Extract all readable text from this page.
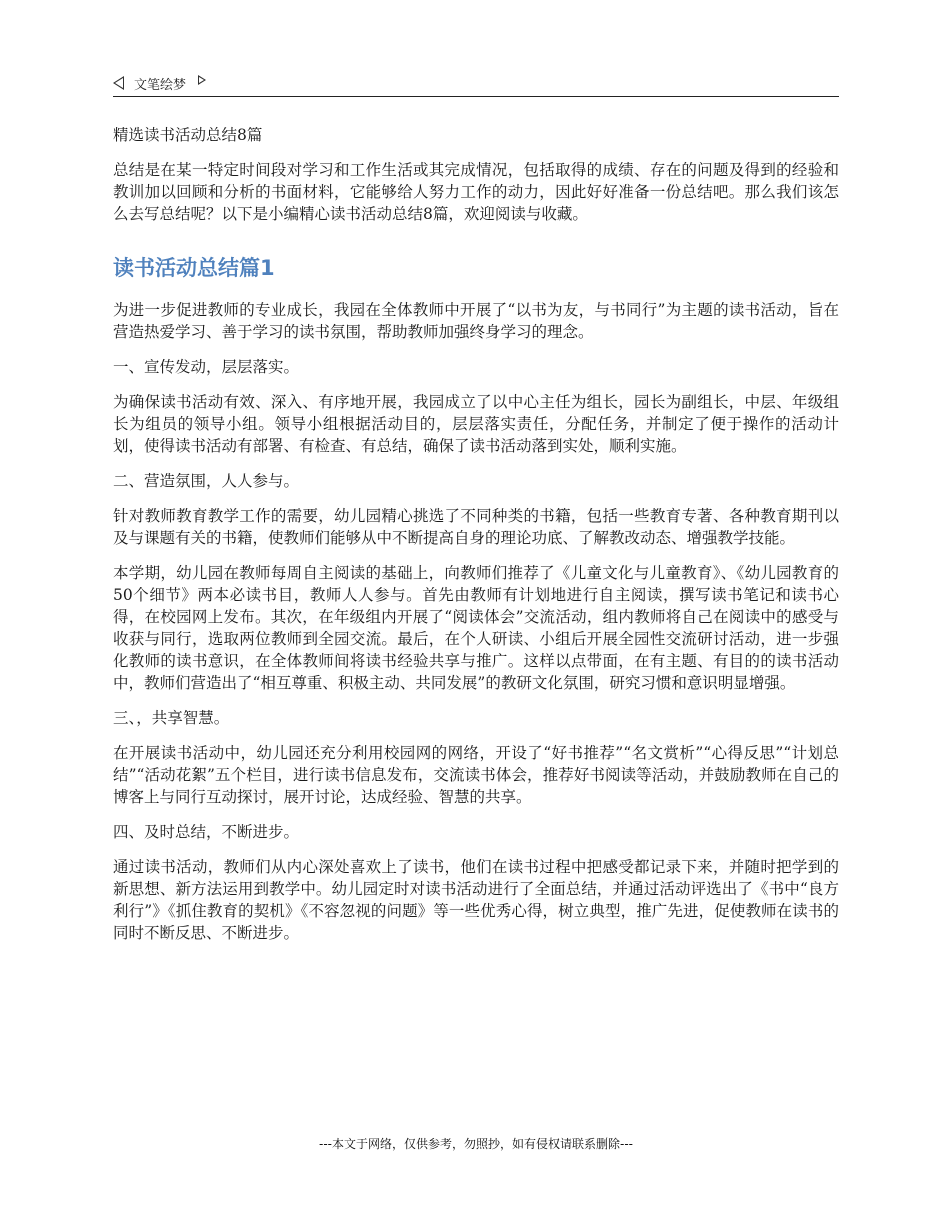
文笔绘梦
精选读书活动总结8篇

总结是在某一特定时间段对学习和工作生活或其完成情况，包括取得的成绩、存在的问题及得到的经验和教训加以回顾和分析的书面材料，它能够给人努力工作的动力，因此好好准备一份总结吧。那么我们该怎么去写总结呢？以下是小编精心读书活动总结8篇，欢迎阅读与收藏。

读书活动总结篇1

为进一步促进教师的专业成长，我园在全体教师中开展了“以书为友，与书同行”为主题的读书活动，旨在营造热爱学习、善于学习的读书氛围，帮助教师加强终身学习的理念。

一、宣传发动，层层落实。

为确保读书活动有效、深入、有序地开展，我园成立了以中心主任为组长，园长为副组长，中层、年级组长为组员的领导小组。领导小组根据活动目的，层层落实责任，分配任务，并制定了便于操作的活动计划，使得读书活动有部署、有检查、有总结，确保了读书活动落到实处，顺利实施。

二、营造氛围，人人参与。

针对教师教育教学工作的需要，幼儿园精心挑选了不同种类的书籍，包括一些教育专著、各种教育期刊以及与课题有关的书籍，使教师们能够从中不断提高自身的理论功底、了解教改动态、增强教学技能。

本学期，幼儿园在教师每周自主阅读的基础上，向教师们推荐了《儿童文化与儿童教育》、《幼儿园教育的50个细节》两本必读书目，教师人人参与。首先由教师有计划地进行自主阅读，撰写读书笔记和读书心得，在校园网上发布。其次，在年级组内开展了“阅读体会”交流活动，组内教师将自己在阅读中的感受与收获与同行，选取两位教师到全园交流。最后，在个人研读、小组后开展全园性交流研讨活动，进一步强化教师的读书意识，在全体教师间将读书经验共享与推广。这样以点带面，在有主题、有目的的读书活动中，教师们营造出了“相互尊重、积极主动、共同发展”的教研文化氛围，研究习惯和意识明显增强。

三、，共享智慧。

在开展读书活动中，幼儿园还充分利用校园网的网络，开设了“好书推荐”“名文赏析”“心得反思”“计划总结”“活动花絮”五个栏目，进行读书信息发布，交流读书体会，推荐好书阅读等活动，并鼓励教师在自己的博客上与同行互动探讨，展开讨论，达成经验、智慧的共享。

四、及时总结，不断进步。

通过读书活动，教师们从内心深处喜欢上了读书，他们在读书过程中把感受都记录下来，并随时把学到的新思想、新方法运用到教学中。幼儿园定时对读书活动进行了全面总结，并通过活动评选出了《书中“良方利行”》《抓住教育的契机》《不容忽视的问题》等一些优秀心得，树立典型，推广先进，促使教师在读书的同时不断反思、不断进步。

---本文于网络，仅供参考，勿照抄，如有侵权请联系删除---
